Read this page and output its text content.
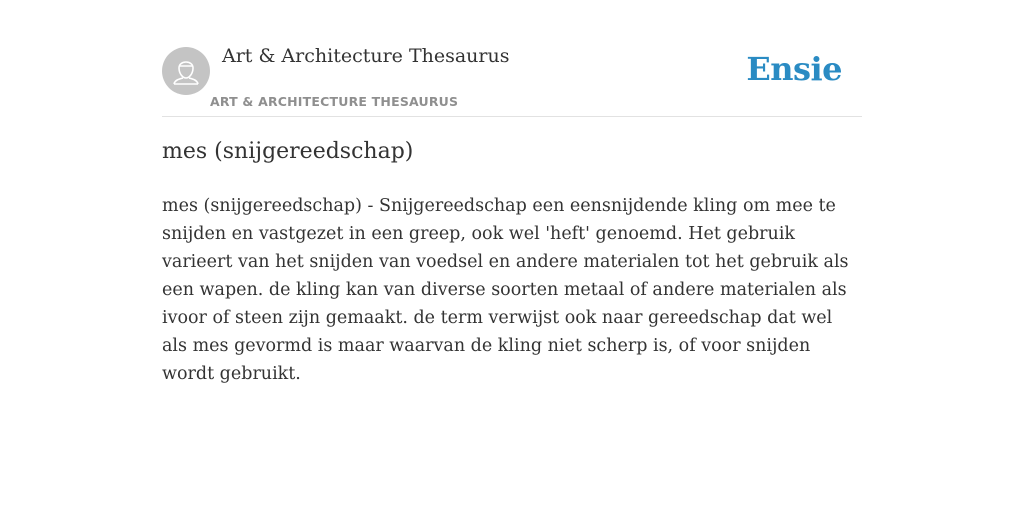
Art & Architecture Thesaurus
ART & ARCHITECTURE THESAURUS
Ensie
mes (snijgereedschap)

mes (snijgereedschap) - Snijgereedschap een eensnijdende kling om mee te snijden en vastgezet in een greep, ook wel 'heft' genoemd. Het gebruik varieert van het snijden van voedsel en andere materialen tot het gebruik als een wapen. de kling kan van diverse soorten metaal of andere materialen als ivoor of steen zijn gemaakt. de term verwijst ook naar gereedschap dat wel als mes gevormd is maar waarvan de kling niet scherp is, of voor snijden wordt gebruikt.
